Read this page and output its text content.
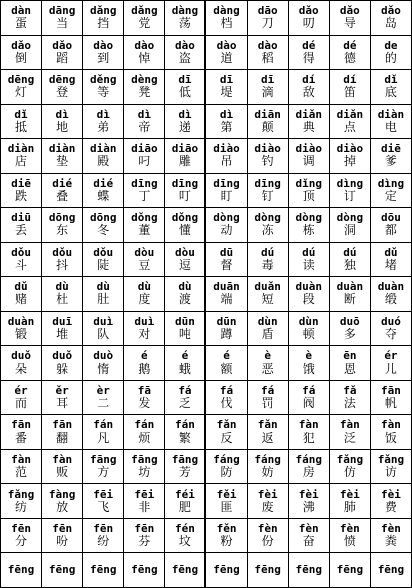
dàn
蛋
dāng
当
dǎng
挡
dǎng
党
dàng
荡
dàng
档
dāo
刀
dǎo
叨
dǎo
导
dǎo
岛
dǎo
倒
dǎo
蹈
dào
到
dào
悼
dào
盗
dào
道
dào
稻
dé
得
dé
德
de
的
dēng
灯
dēng
登
děng
等
dèng
凳
dī
低
dī
堤
dī
滴
dí
敌
dí
笛
dǐ
底
dǐ
抵
dì
地
dì
弟
dì
帝
dì
递
dì
第
diān
颠
diǎn
典
diǎn
点
diàn
电
diàn
店
diàn
垫
diàn
殿
diāo
叼
diāo
雕
diào
吊
diào
钓
diào
调
diào
掉
diē
爹
diē
跌
dié
叠
dié
蝶
dīng
丁
dīng
叮
dīng
盯
dīng
钉
dǐng
顶
dìng
订
dìng
定
diū
丢
dōng
东
dōng
冬
dǒng
董
dǒng
懂
dòng
动
dòng
冻
dòng
栋
dòng
洞
dōu
都
dǒu
斗
dǒu
抖
dǒu
陡
dòu
豆
dòu
逗
dū
督
dú
毒
dú
读
dú
独
dǔ
堵
dǔ
赌
dù
杜
dù
肚
dù
度
dù
渡
duān
端
duǎn
短
duàn
段
duàn
断
duàn
缎
duàn
锻
duī
堆
duì
队
duì
对
dūn
吨
dūn
蹲
dùn
盾
dùn
顿
duō
多
duó
夺
duǒ
朵
duǒ
躲
duò
惰
é
鹅
é
蛾
é
额
è
恶
è
饿
ēn
恩
ér
儿
ér
而
ěr
耳
èr
二
fā
发
fá
乏
fá
伐
fá
罚
fá
阀
fǎ
法
fān
帆
fān
番
fān
翻
fán
凡
fán
烦
fán
繁
fǎn
反
fǎn
返
fàn
犯
fàn
泛
fàn
饭
fàn
范
fàn
贩
fāng
方
fāng
坊
fāng
芳
fáng
防
fáng
妨
fáng
房
fǎng
仿
fǎng
访
fǎng
纺
fàng
放
fēi
飞
fēi
非
féi
肥
fěi
匪
fèi
废
fèi
沸
fèi
肺
fèi
费
fēn
分
fēn
吩
fēn
纷
fēn
芬
fén
坟
fěn
粉
fèn
份
fèn
奋
fèn
愤
fèn
粪
fēng fēng fēng fēng fēng fēng fēng fēng fēng fēng
